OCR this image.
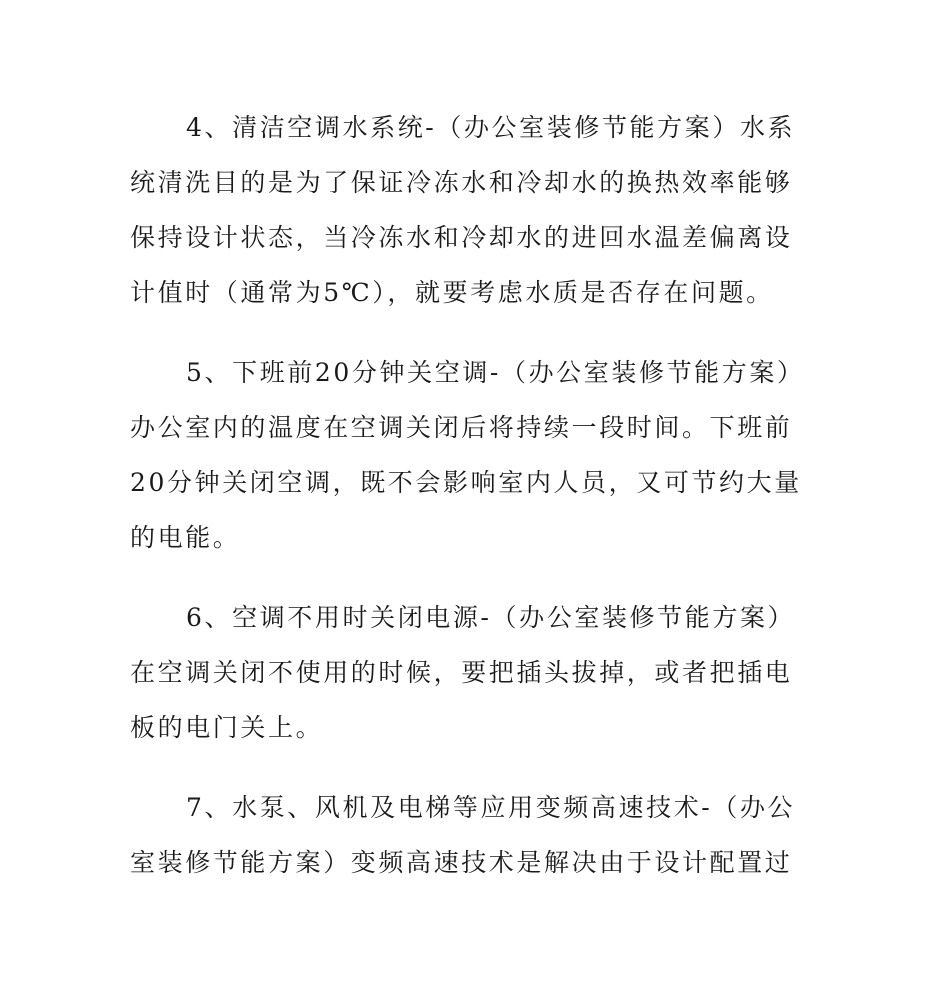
4、清洁空调水系统-（办公室装修节能方案）水系
统清洗目的是为了保证冷冻水和冷却水的换热效率能够
保持设计状态，当冷冻水和冷却水的进回水温差偏离设
计值时（通常为5℃），就要考虑水质是否存在问题。
5、下班前20分钟关空调-（办公室装修节能方案）
办公室内的温度在空调关闭后将持续一段时间。下班前
20分钟关闭空调，既不会影响室内人员，又可节约大量
的电能。
6、空调不用时关闭电源-（办公室装修节能方案）
在空调关闭不使用的时候，要把插头拔掉，或者把插电
板的电门关上。
7、水泵、风机及电梯等应用变频高速技术-（办公
室装修节能方案）变频高速技术是解决由于设计配置过
